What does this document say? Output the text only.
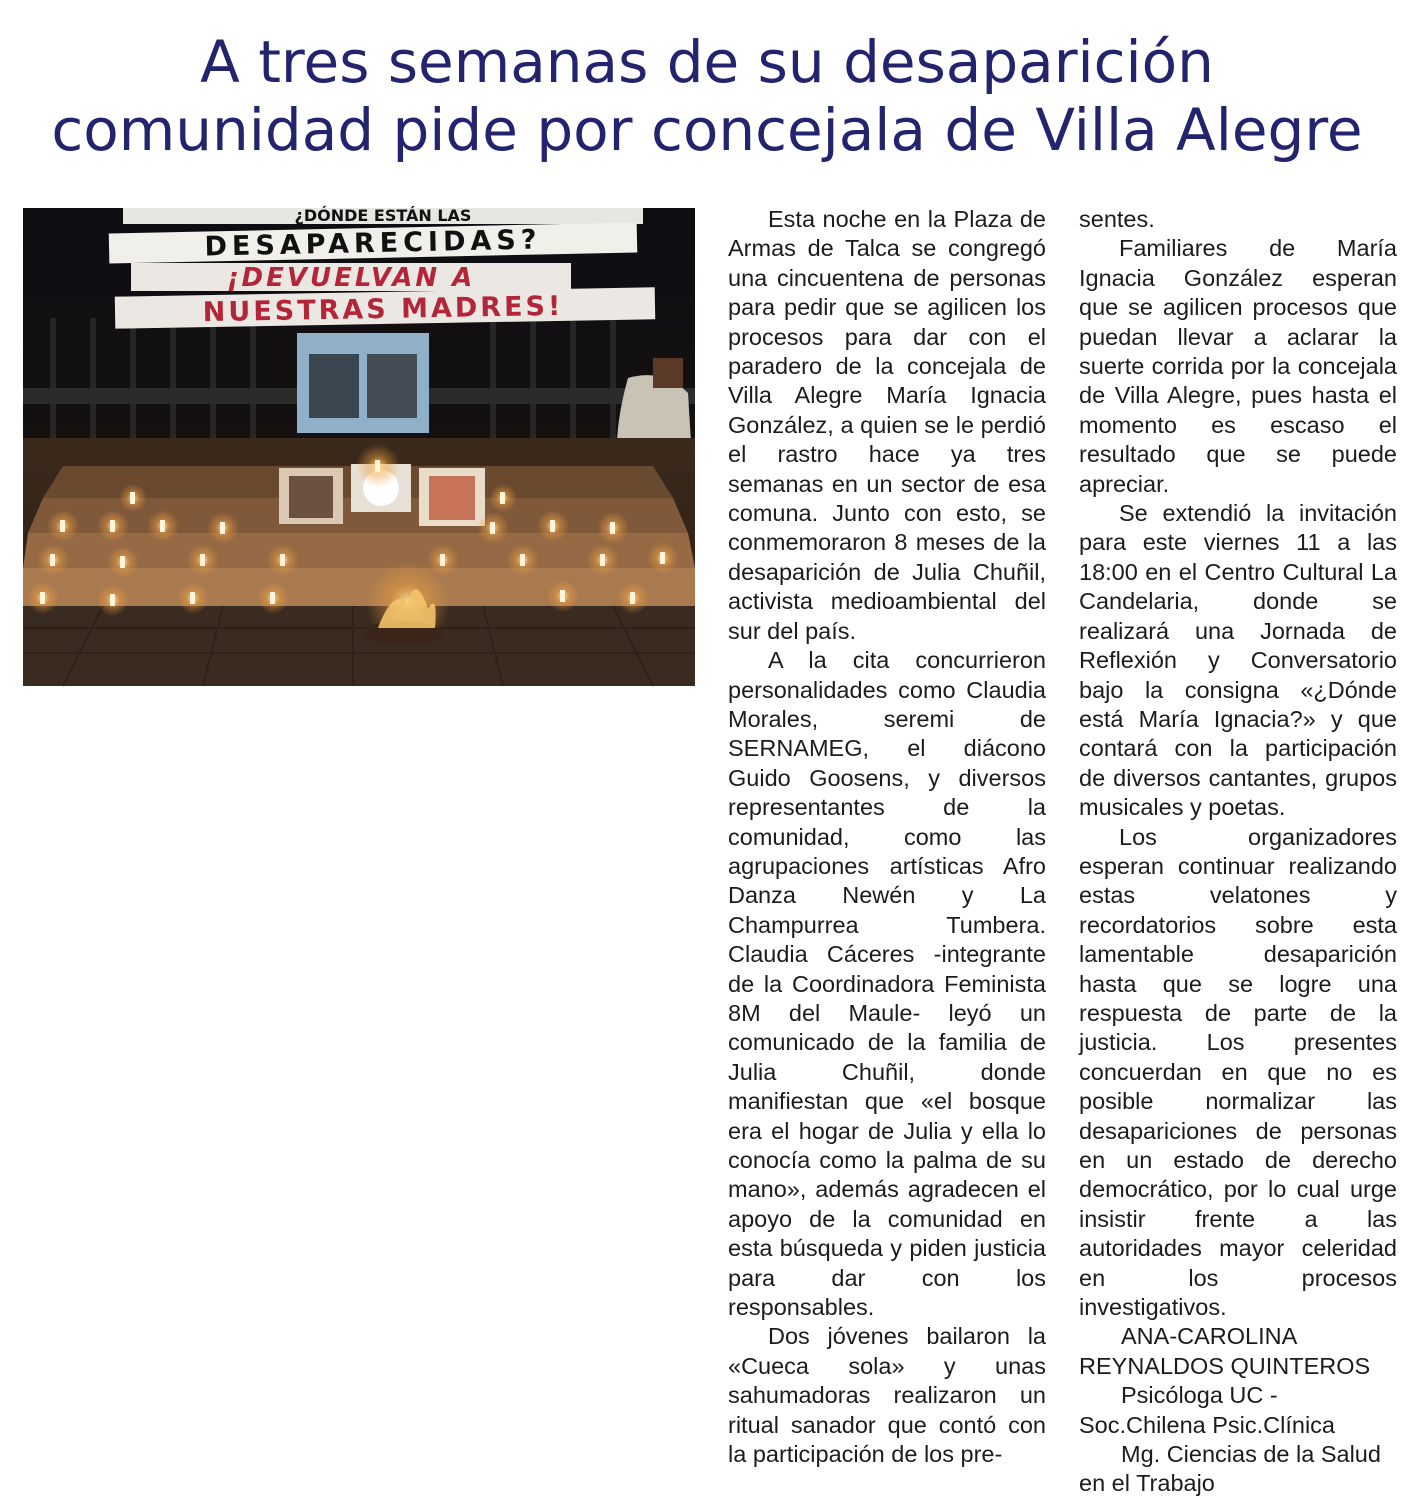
A tres semanas de su desaparición
comunidad pide por concejala de Villa Alegre
¿DÓNDE ESTÁN LAS
DESAPARECIDAS?
¡DEVUELVAN A
NUESTRAS MADRES!

Esta noche en la Plaza de Armas de Talca se congregó una cincuentena de personas para pedir que se agilicen los procesos para dar con el paradero de la concejala de Villa Alegre María Ignacia González, a quien se le perdió el rastro hace ya tres semanas en un sector de esa comuna. Junto con esto, se conmemoraron 8 meses de la desaparición de Julia Chuñil, activista medioambiental del sur del país.

A la cita concurrieron personalidades como Claudia Morales, seremi de SERNAMEG, el diácono Guido Goosens, y diversos representantes de la comunidad, como las agrupaciones artísticas Afro Danza Newén y La Champurrea Tumbera. Claudia Cáceres -integrante de la Coordinadora Feminista 8M del Maule- leyó un comunicado de la familia de Julia Chuñil, donde manifiestan que «el bosque era el hogar de Julia y ella lo conocía como la palma de su mano», además agradecen el apoyo de la comunidad en esta búsqueda y piden justicia para dar con los responsables.

Dos jóvenes bailaron la «Cueca sola» y unas sahumadoras realizaron un ritual sanador que contó con la participación de los pre-

sentes.

Familiares de María Ignacia González esperan que se agilicen procesos que puedan llevar a aclarar la suerte corrida por la concejala de Villa Alegre, pues hasta el momento es escaso el resultado que se puede apreciar.

Se extendió la invitación para este viernes 11 a las 18:00 en el Centro Cultural La Candelaria, donde se realizará una Jornada de Reflexión y Conversatorio bajo la consigna «¿Dónde está María Ignacia?» y que contará con la participación de diversos cantantes, grupos musicales y poetas.

Los organizadores esperan continuar realizando estas velatones y recordatorios sobre esta lamentable desaparición hasta que se logre una respuesta de parte de la justicia. Los presentes concuerdan en que no es posible normalizar las desapariciones de personas en un estado de derecho democrático, por lo cual urge insistir frente a las autoridades mayor celeridad en los procesos investigativos.

ANA-CAROLINA REYNALDOS QUINTEROS

Psicóloga UC - Soc.Chilena Psic.Clínica

Mg. Ciencias de la Salud en el Trabajo
